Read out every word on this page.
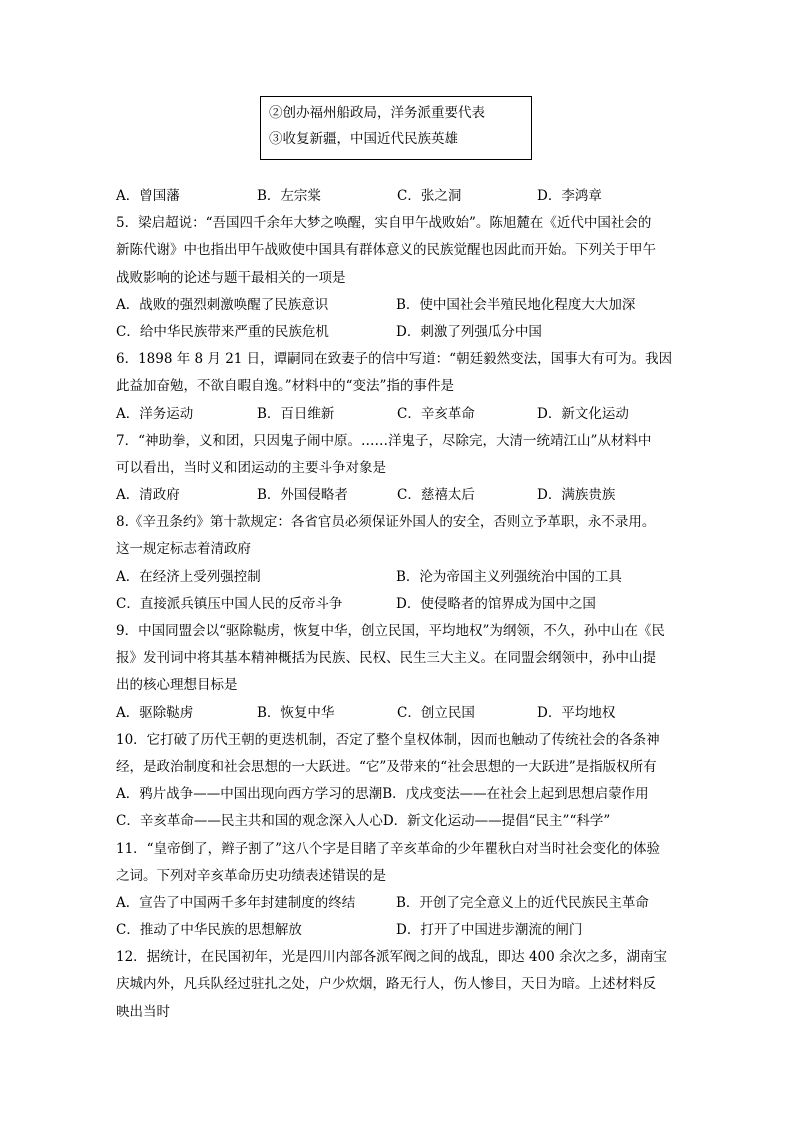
②创办福州船政局，洋务派重要代表
③收复新疆，中国近代民族英雄
A．曾国藩	B．左宗棠	C．张之洞	D．李鸿章
5．梁启超说：“吾国四千余年大梦之唤醒，实自甲午战败始”。陈旭麓在《近代中国社会的
新陈代谢》中也指出甲午战败使中国具有群体意义的民族觉醒也因此而开始。下列关于甲午
战败影响的论述与题干最相关的一项是
A．战败的强烈刺激唤醒了民族意识	B．使中国社会半殖民地化程度大大加深
C．给中华民族带来严重的民族危机	D．刺激了列强瓜分中国
6．1898 年 8 月 21 日，谭嗣同在致妻子的信中写道：“朝廷毅然变法，国事大有可为。我因
此益加奋勉，不欲自暇自逸。”材料中的“变法”指的事件是
A．洋务运动	B．百日维新	C．辛亥革命	D．新文化运动
7．“神助拳，义和团，只因鬼子闹中原。……洋鬼子，尽除完，大清一统靖江山”从材料中
可以看出，当时义和团运动的主要斗争对象是
A．清政府	B．外国侵略者	C．慈禧太后	D．满族贵族
8.《辛丑条约》第十款规定：各省官员必须保证外国人的安全，否则立予革职，永不录用。
这一规定标志着清政府
A．在经济上受列强控制	B．沦为帝国主义列强统治中国的工具
C．直接派兵镇压中国人民的反帝斗争	D．使侵略者的馆界成为国中之国
9．中国同盟会以“驱除鞑虏，恢复中华，创立民国，平均地权”为纲领，不久，孙中山在《民
报》发刊词中将其基本精神概括为民族、民权、民生三大主义。在同盟会纲领中，孙中山提
出的核心理想目标是
A．驱除鞑虏	B．恢复中华	C．创立民国	D．平均地权
10．它打破了历代王朝的更迭机制，否定了整个皇权体制，因而也触动了传统社会的各条神
经，是政治制度和社会思想的一大跃进。“它”及带来的“社会思想的一大跃进”是指版权所有
A．鸦片战争——中国出现向西方学习的思潮B．戊戌变法——在社会上起到思想启蒙作用
C．辛亥革命——民主共和国的观念深入人心D．新文化运动——提倡“民主”“科学”
11．“皇帝倒了，辫子割了”这八个字是目睹了辛亥革命的少年瞿秋白对当时社会变化的体验
之词。下列对辛亥革命历史功绩表述错误的是
A．宣告了中国两千多年封建制度的终结	B．开创了完全意义上的近代民族民主革命
C．推动了中华民族的思想解放	D．打开了中国进步潮流的闸门
12．据统计，在民国初年，光是四川内部各派军阀之间的战乱，即达 400 余次之多，湖南宝
庆城内外，凡兵队经过驻扎之处，户少炊烟，路无行人，伤人惨目，天日为暗。上述材料反
映出当时
